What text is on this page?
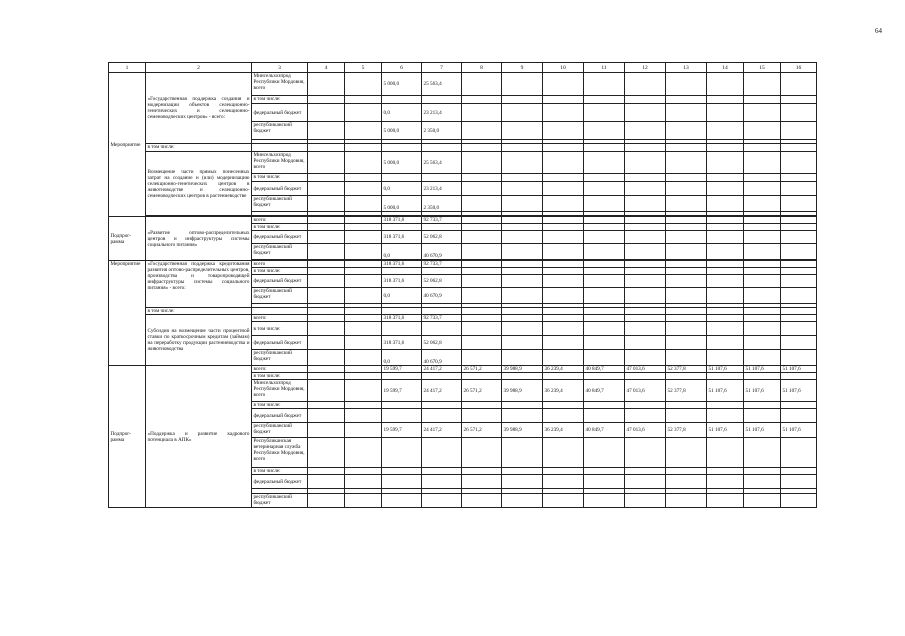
64
1	2	3	4	5	6	7	8	9	10	11	12	13	14	15	16
Мероприятие	«Государственная поддержка создания и модернизации объектов селекционно-генетических и селекционно-семеноводческих центров» - всего:	Минсельхозпрод Республики Мордовия, всего			5 000,0	25 563,4									
		в том числе:													
		федеральный бюджет			0,0	23 213,4									
		республиканский бюджет			5 000,0	2 350,0									

	в том числе:														
	Возмещение части прямых понесенных затрат на создание и (или) модернизацию селекционно-генетических центров в животноводстве и селекционно-семеноводческих центров в растениеводстве	Минсельхозпрод Республики Мордовия, всего			5 000,0	25 563,4									
		в том числе:													
		федеральный бюджет			0,0	23 213,4									
		республиканский бюджет			5 000,0	2 350,0									

Подпрог-рамма	«Развитие оптово-распределительных центров и инфраструктуры системы социального питания»	всего:			318 371,6	92 733,7									
		в том числе:													
		федеральный бюджет			318 371,6	52 062,8									
		республиканский бюджет			0,0	40 670,9									

Мероприятие	«Государственная поддержка кредитования развития оптово-распределительных центров, производства и товаропроводящей инфраструктуры системы социального питания» - всего:	всего			318 371,6	92 733,7									
		в том числе:													
		федеральный бюджет			318 371,6	52 062,8									
		республиканский бюджет			0,0	40 670,9									

	в том числе:														
	Субсидия на возмещение части процентной ставки по краткосрочным кредитам (займам) на переработку продукции растениеводства и животноводства	всего:			318 371,6	92 733,7									
		в том числе:													
		федеральный бюджет			318 371,6	52 062,8									
		республиканский бюджет			0,0	40 670,9									
Подпрог-рамма	«Поддержка и развитие кадрового потенциала в АПК»	всего:			19 599,7	24 417,2	26 571,2	39 988,9	36 239,4	40 849,7	47 013,6	52 377,8	51 107,6	51 107,6	51 107,6
		в том числе:													
		Минсельхозпрод Республики Мордовия, всего			19 599,7	24 417,2	26 571,2	39 988,9	36 239,4	40 849,7	47 013,6	52 377,8	51 107,6	51 107,6	51 107,6
		в том числе:													
		федеральный бюджет													
		республиканский бюджет			19 599,7	24 417,2	26 571,2	39 988,9	36 239,4	40 849,7	47 013,6	52 377,8	51 107,6	51 107,6	51 107,6
		Республиканская ветеринарная служба Республики Мордовия, всего													
		в том числе:													
		федеральный бюджет													

		республиканский бюджет													
